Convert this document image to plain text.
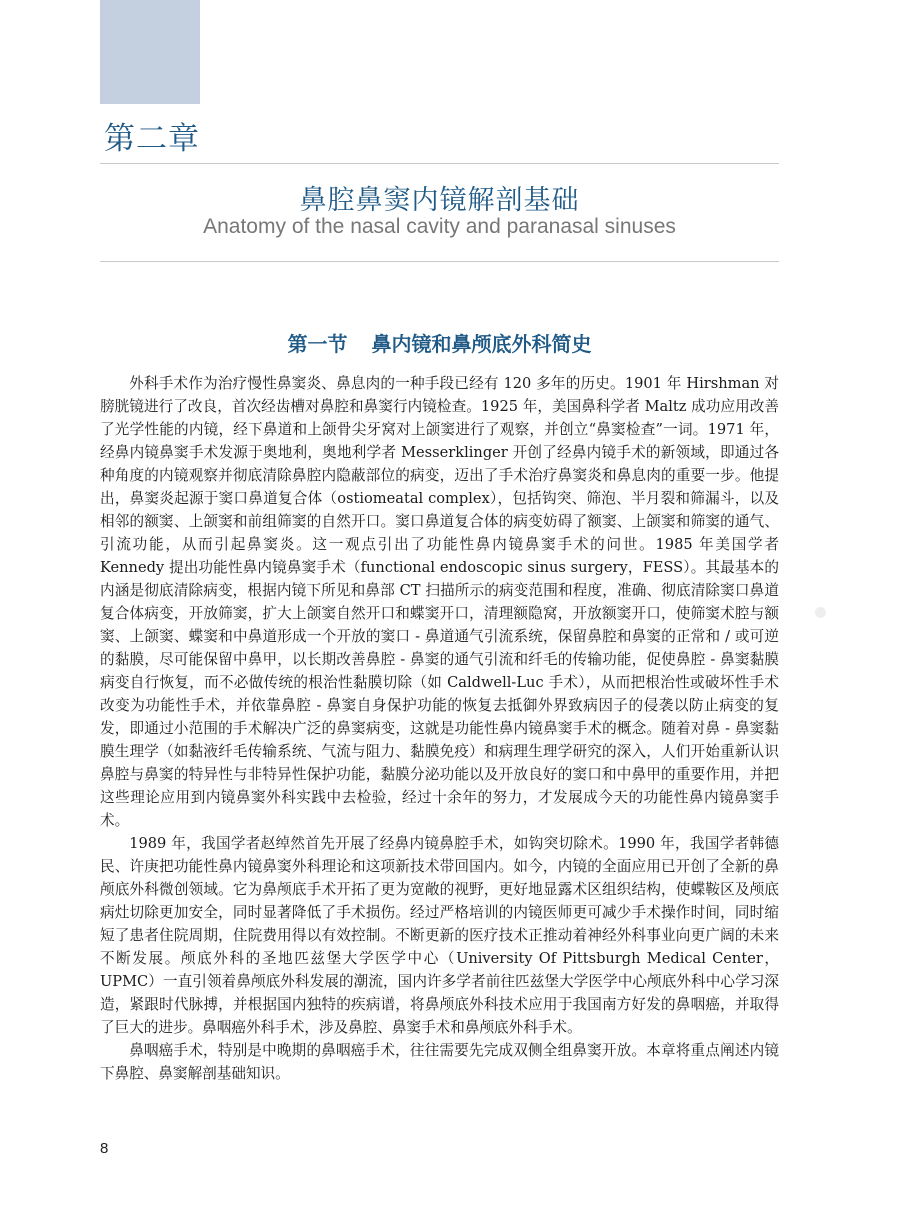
第二章
鼻腔鼻窦内镜解剖基础
Anatomy of the nasal cavity and paranasal sinuses
第一节 鼻内镜和鼻颅底外科简史

外科手术作为治疗慢性鼻窦炎、鼻息肉的一种手段已经有 120 多年的历史。1901 年 Hirshman 对膀胱镜进行了改良，首次经齿槽对鼻腔和鼻窦行内镜检查。1925 年，美国鼻科学者 Maltz 成功应用改善了光学性能的内镜，经下鼻道和上颌骨尖牙窝对上颌窦进行了观察，并创立“鼻窦检查”一词。1971 年，经鼻内镜鼻窦手术发源于奥地利，奥地利学者 Messerklinger 开创了经鼻内镜手术的新领域，即通过各种角度的内镜观察并彻底清除鼻腔内隐蔽部位的病变，迈出了手术治疗鼻窦炎和鼻息肉的重要一步。他提出，鼻窦炎起源于窦口鼻道复合体（ostiomeatal complex），包括钩突、筛泡、半月裂和筛漏斗，以及相邻的额窦、上颌窦和前组筛窦的自然开口。窦口鼻道复合体的病变妨碍了额窦、上颌窦和筛窦的通气、引流功能，从而引起鼻窦炎。这一观点引出了功能性鼻内镜鼻窦手术的问世。1985 年美国学者 Kennedy 提出功能性鼻内镜鼻窦手术（functional endoscopic sinus surgery，FESS）。其最基本的内涵是彻底清除病变，根据内镜下所见和鼻部 CT 扫描所示的病变范围和程度，准确、彻底清除窦口鼻道复合体病变，开放筛窦，扩大上颌窦自然开口和蝶窦开口，清理额隐窝，开放额窦开口，使筛窦术腔与额窦、上颌窦、蝶窦和中鼻道形成一个开放的窦口 - 鼻道通气引流系统，保留鼻腔和鼻窦的正常和 / 或可逆的黏膜，尽可能保留中鼻甲，以长期改善鼻腔 - 鼻窦的通气引流和纤毛的传输功能，促使鼻腔 - 鼻窦黏膜病变自行恢复，而不必做传统的根治性黏膜切除（如 Caldwell-Luc 手术），从而把根治性或破坏性手术改变为功能性手术，并依靠鼻腔 - 鼻窦自身保护功能的恢复去抵御外界致病因子的侵袭以防止病变的复发，即通过小范围的手术解决广泛的鼻窦病变，这就是功能性鼻内镜鼻窦手术的概念。随着对鼻 - 鼻窦黏膜生理学（如黏液纤毛传输系统、气流与阻力、黏膜免疫）和病理生理学研究的深入，人们开始重新认识鼻腔与鼻窦的特异性与非特异性保护功能，黏膜分泌功能以及开放良好的窦口和中鼻甲的重要作用，并把这些理论应用到内镜鼻窦外科实践中去检验，经过十余年的努力，才发展成今天的功能性鼻内镜鼻窦手术。

1989 年，我国学者赵绰然首先开展了经鼻内镜鼻腔手术，如钩突切除术。1990 年，我国学者韩德民、许庚把功能性鼻内镜鼻窦外科理论和这项新技术带回国内。如今，内镜的全面应用已开创了全新的鼻颅底外科微创领域。它为鼻颅底手术开拓了更为宽敞的视野，更好地显露术区组织结构，使蝶鞍区及颅底病灶切除更加安全，同时显著降低了手术损伤。经过严格培训的内镜医师更可减少手术操作时间，同时缩短了患者住院周期，住院费用得以有效控制。不断更新的医疗技术正推动着神经外科事业向更广阔的未来不断发展。颅底外科的圣地匹兹堡大学医学中心（University Of Pittsburgh Medical Center，UPMC）一直引领着鼻颅底外科发展的潮流，国内许多学者前往匹兹堡大学医学中心颅底外科中心学习深造，紧跟时代脉搏，并根据国内独特的疾病谱，将鼻颅底外科技术应用于我国南方好发的鼻咽癌，并取得了巨大的进步。鼻咽癌外科手术，涉及鼻腔、鼻窦手术和鼻颅底外科手术。

鼻咽癌手术，特别是中晚期的鼻咽癌手术，往往需要先完成双侧全组鼻窦开放。本章将重点阐述内镜下鼻腔、鼻窦解剖基础知识。

8
